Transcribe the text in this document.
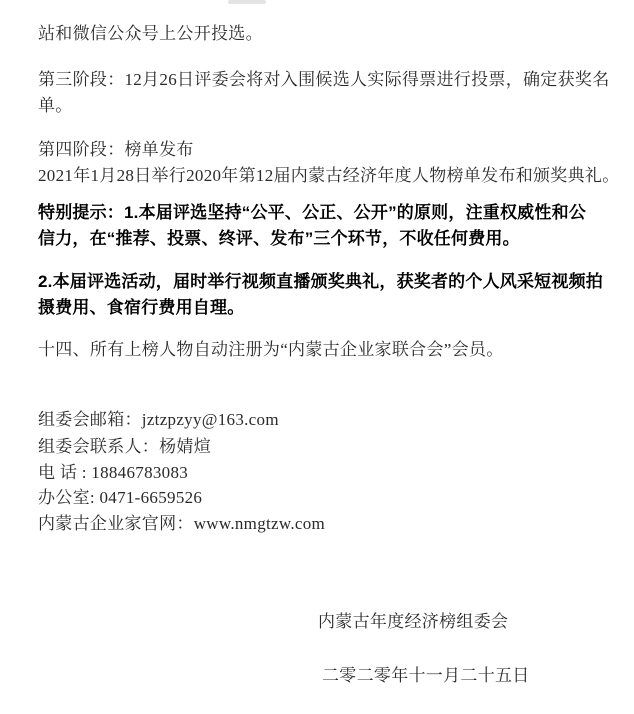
站和微信公众号上公开投选。
第三阶段：12月26日评委会将对入围候选人实际得票进行投票，确定获奖名
单。
第四阶段：榜单发布
2021年1月28日举行2020年第12届内蒙古经济年度人物榜单发布和颁奖典礼。
特别提示：1.本届评选坚持“公平、公正、公开”的原则，注重权威性和公
信力，在“推荐、投票、终评、发布”三个环节，不收任何费用。
2.本届评选活动，届时举行视频直播颁奖典礼，获奖者的个人风采短视频拍
摄费用、食宿行费用自理。
十四、所有上榜人物自动注册为“内蒙古企业家联合会”会员。
组委会邮箱：jztzpzyy@163.com
组委会联系人：杨婧煊
电 话 : 18846783083
办公室: 0471-6659526
内蒙古企业家官网：www.nmgtzw.com
内蒙古年度经济榜组委会
二零二零年十一月二十五日
